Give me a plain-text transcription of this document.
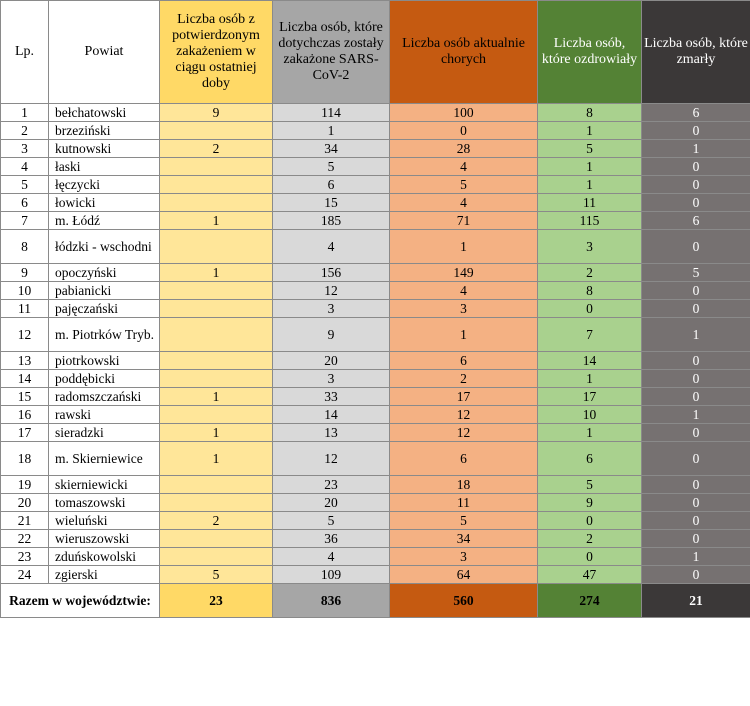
Lp.	Powiat	Liczba osób z potwierdzonym zakażeniem w ciągu ostatniej doby	Liczba osób, które dotychczas zostały zakażone SARS-CoV-2	Liczba osób aktualnie chorych	Liczba osób, które ozdrowiały	Liczba osób, które zmarły
1	bełchatowski	9	114	100	8	6
2	brzeziński		1	0	1	0
3	kutnowski	2	34	28	5	1
4	łaski		5	4	1	0
5	łęczycki		6	5	1	0
6	łowicki		15	4	11	0
7	m. Łódź	1	185	71	115	6
8	łódzki - wschodni		4	1	3	0
9	opoczyński	1	156	149	2	5
10	pabianicki		12	4	8	0
11	pajęczański		3	3	0	0
12	m. Piotrków Tryb.		9	1	7	1
13	piotrkowski		20	6	14	0
14	poddębicki		3	2	1	0
15	radomszczański	1	33	17	17	0
16	rawski		14	12	10	1
17	sieradzki	1	13	12	1	0
18	m. Skierniewice	1	12	6	6	0
19	skierniewicki		23	18	5	0
20	tomaszowski		20	11	9	0
21	wieluński	2	5	5	0	0
22	wieruszowski		36	34	2	0
23	zduńskowolski		4	3	0	1
24	zgierski	5	109	64	47	0
Razem w województwie:		23	836	560	274	21
